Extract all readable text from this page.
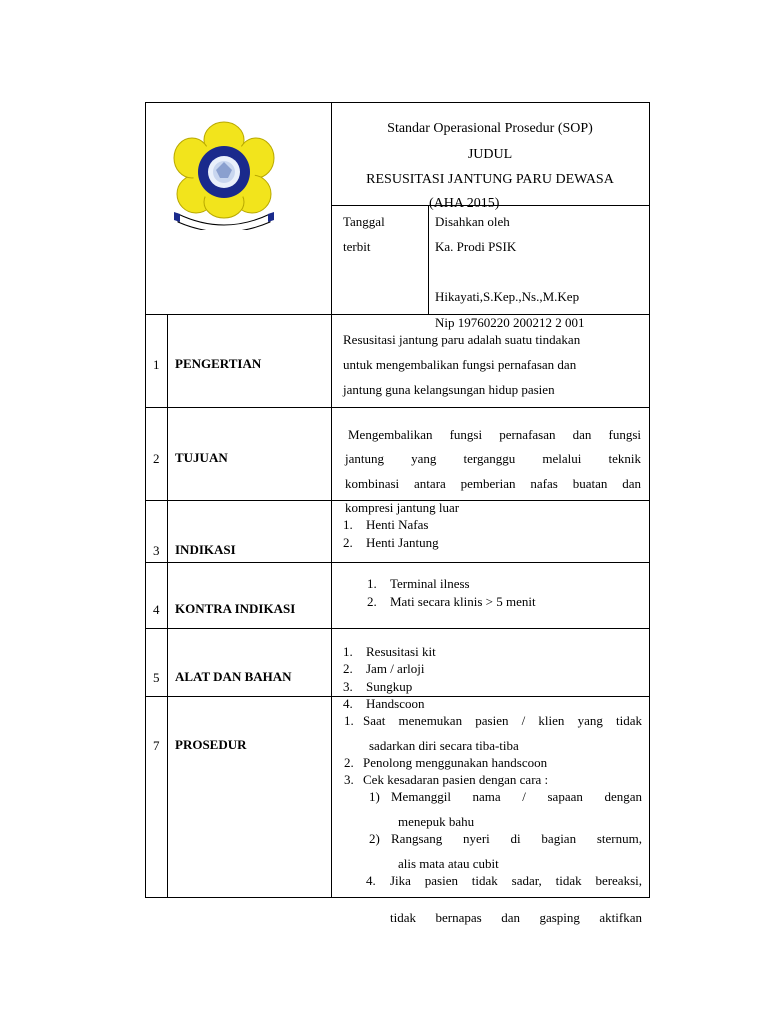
Standar Operasional Prosedur (SOP)
JUDUL
RESUSITASI JANTUNG PARU DEWASA
(AHA 2015)
Tanggal
terbit
Disahkan oleh
Ka. Prodi PSIK
Hikayati,S.Kep.,Ns.,M.Kep
Nip 19760220 200212 2 001
1 PENGERTIAN
2 TUJUAN
3 INDIKASI
4 KONTRA INDIKASI
5 ALAT DAN BAHAN
7 PROSEDUR
Resusitasi jantung paru adalah suatu tindakan
untuk mengembalikan fungsi pernafasan dan
jantung guna kelangsungan hidup pasien
Mengembalikan fungsi pernafasan dan fungsi
jantung yang terganggu melalui teknik
kombinasi antara pemberian nafas buatan dan
kompresi jantung luar
1. Henti Nafas
2. Henti Jantung
1. Terminal ilness
2. Mati secara klinis > 5 menit
1. Resusitasi kit
2. Jam / arloji
3. Sungkup
4. Handscoon
1. Saat menemukan pasien / klien yang tidak
sadarkan diri secara tiba-tiba
2. Penolong menggunakan handscoon
3. Cek kesadaran pasien dengan cara :
1) Memanggil nama / sapaan dengan
menepuk bahu
2) Rangsang nyeri di bagian sternum,
alis mata atau cubit
4. Jika pasien tidak sadar, tidak bereaksi,
tidak bernapas dan gasping aktifkan
